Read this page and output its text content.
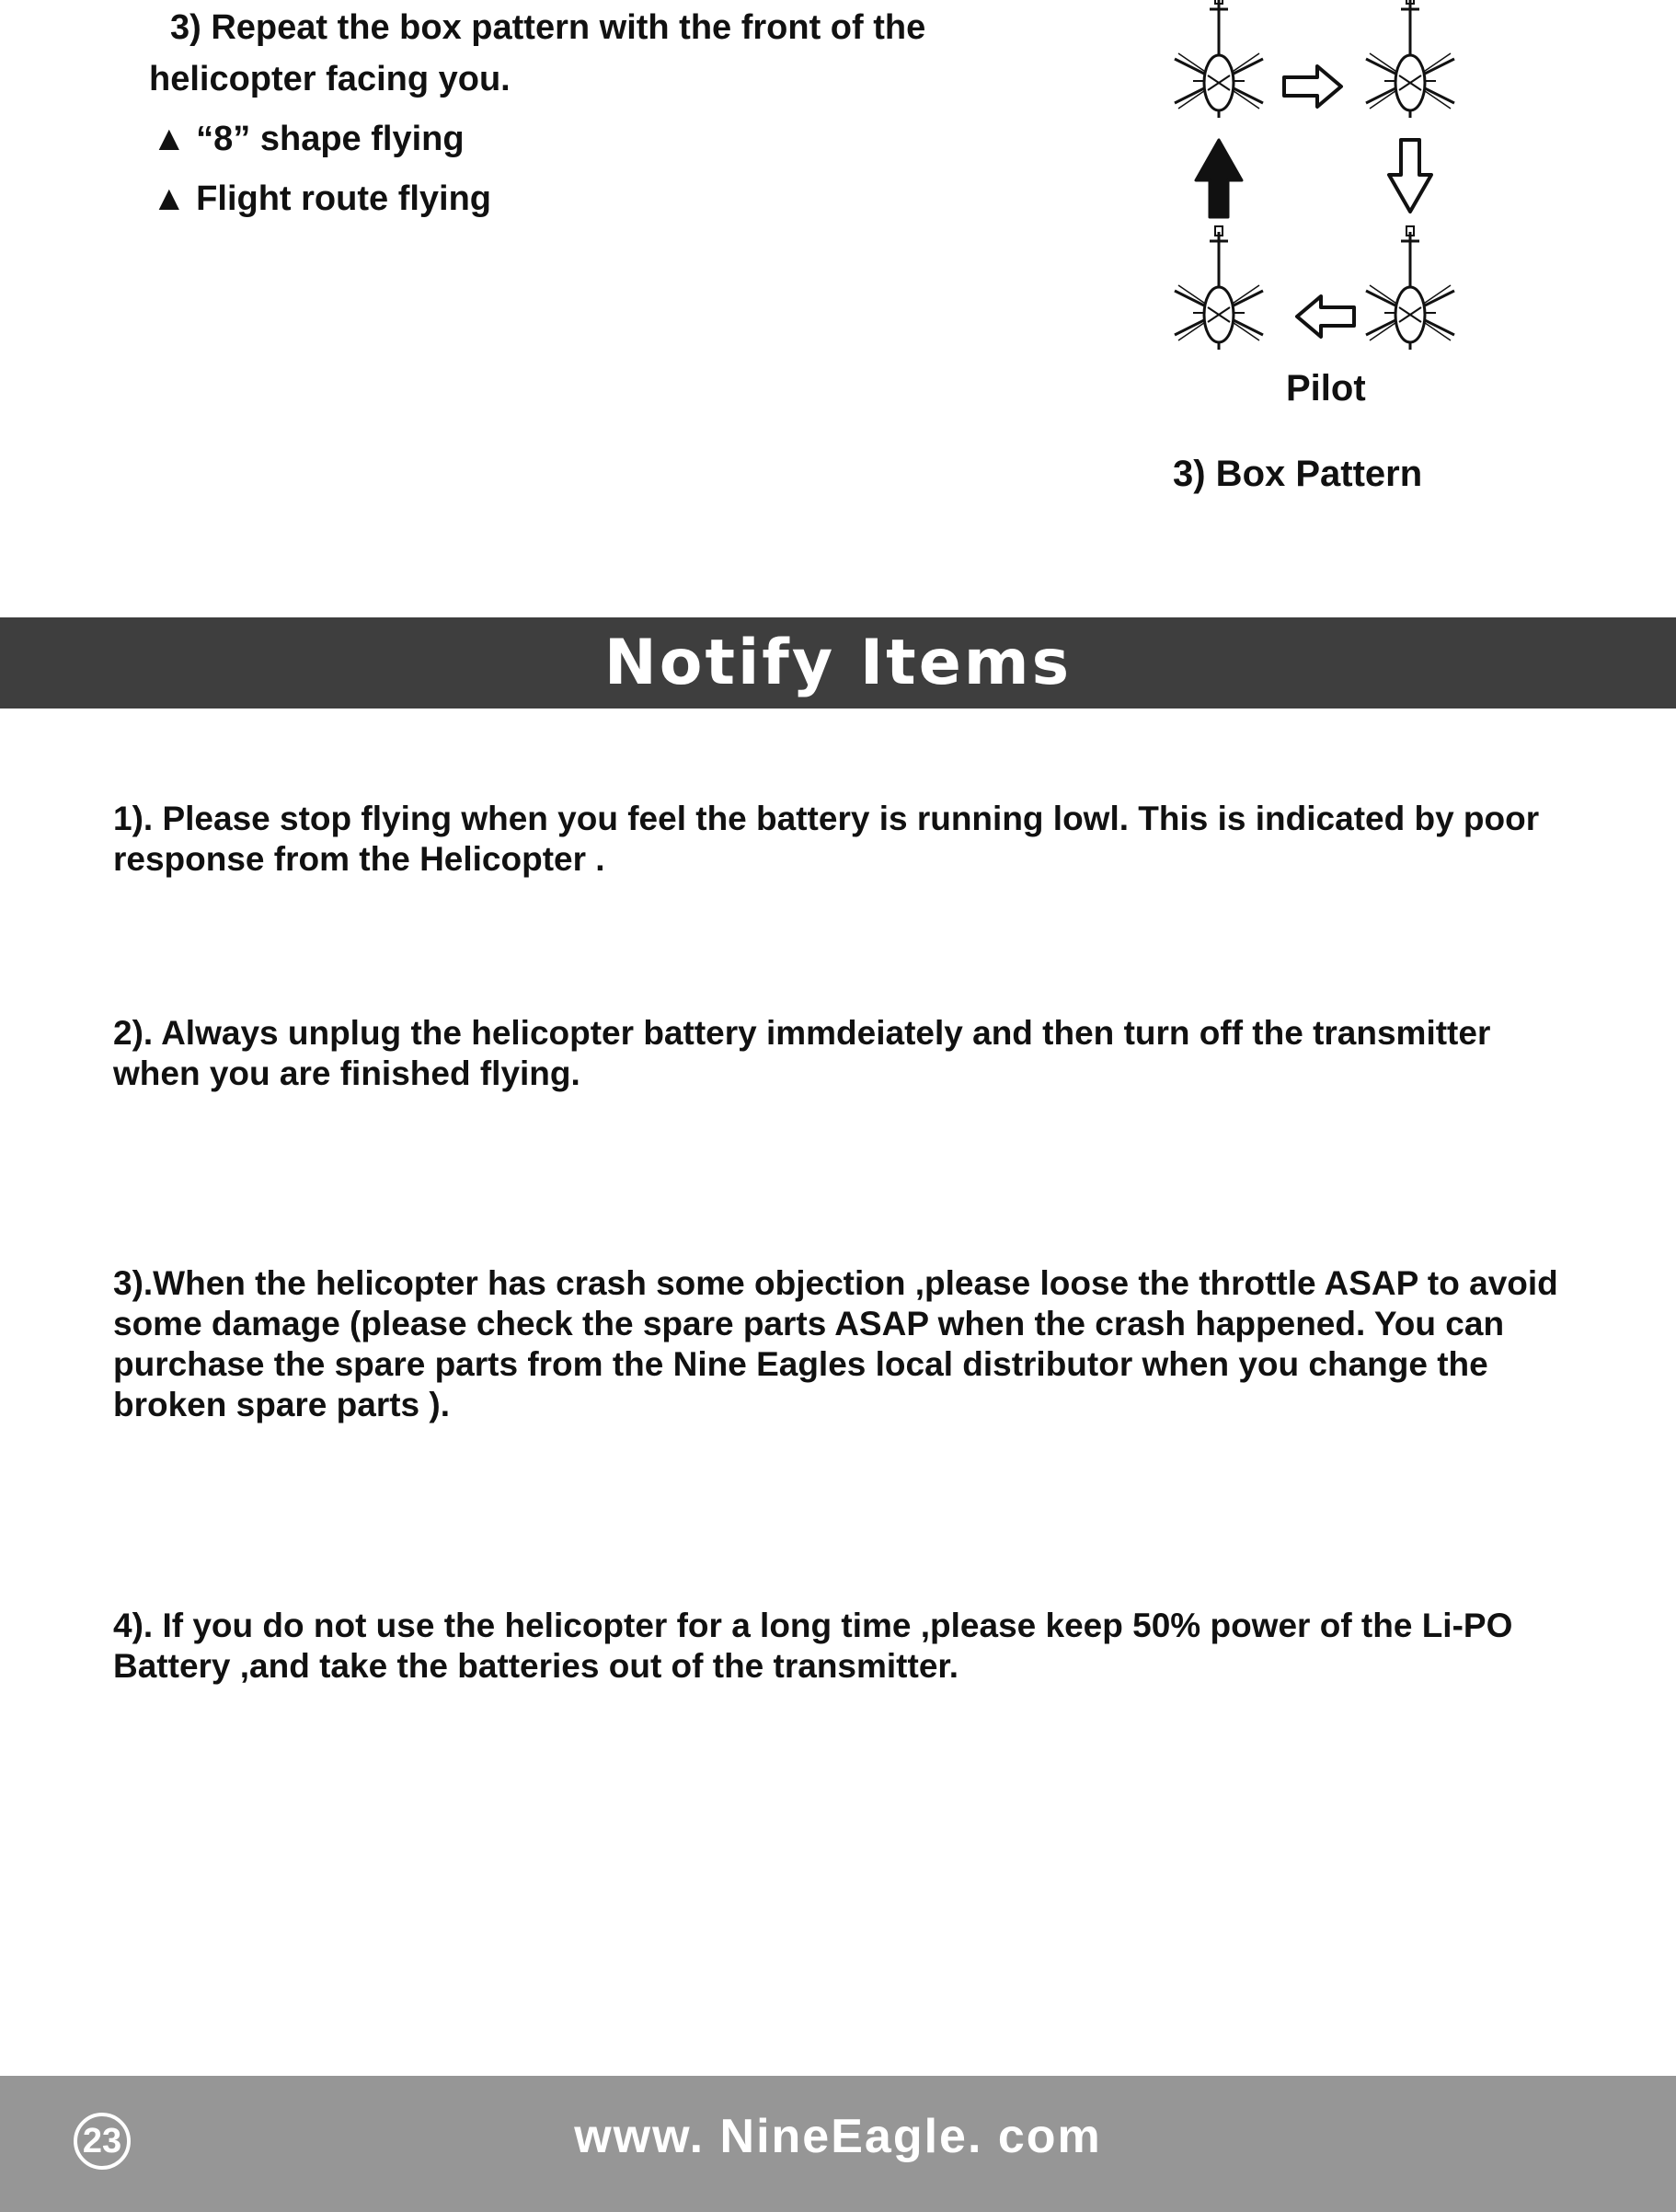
3) Repeat the box pattern with the front of the
helicopter facing you.
▲ “8” shape flying
▲ Flight route flying
Pilot
3) Box Pattern
Notify Items
1). Please stop flying when you feel the battery is running lowl. This is indicated by poor response from the Helicopter .
2). Always unplug the helicopter battery immdeiately and then turn off the transmitter when you are finished flying.
3).When the helicopter has crash some objection ,please loose the throttle ASAP to avoid some damage (please check the spare parts ASAP when the crash happened. You can purchase the spare parts from the Nine Eagles local distributor when you change the broken spare parts ).
4). If you do not use the helicopter for a long time ,please keep 50% power of the Li-PO Battery ,and take the batteries out of the transmitter.
23	www. NineEagle. com
